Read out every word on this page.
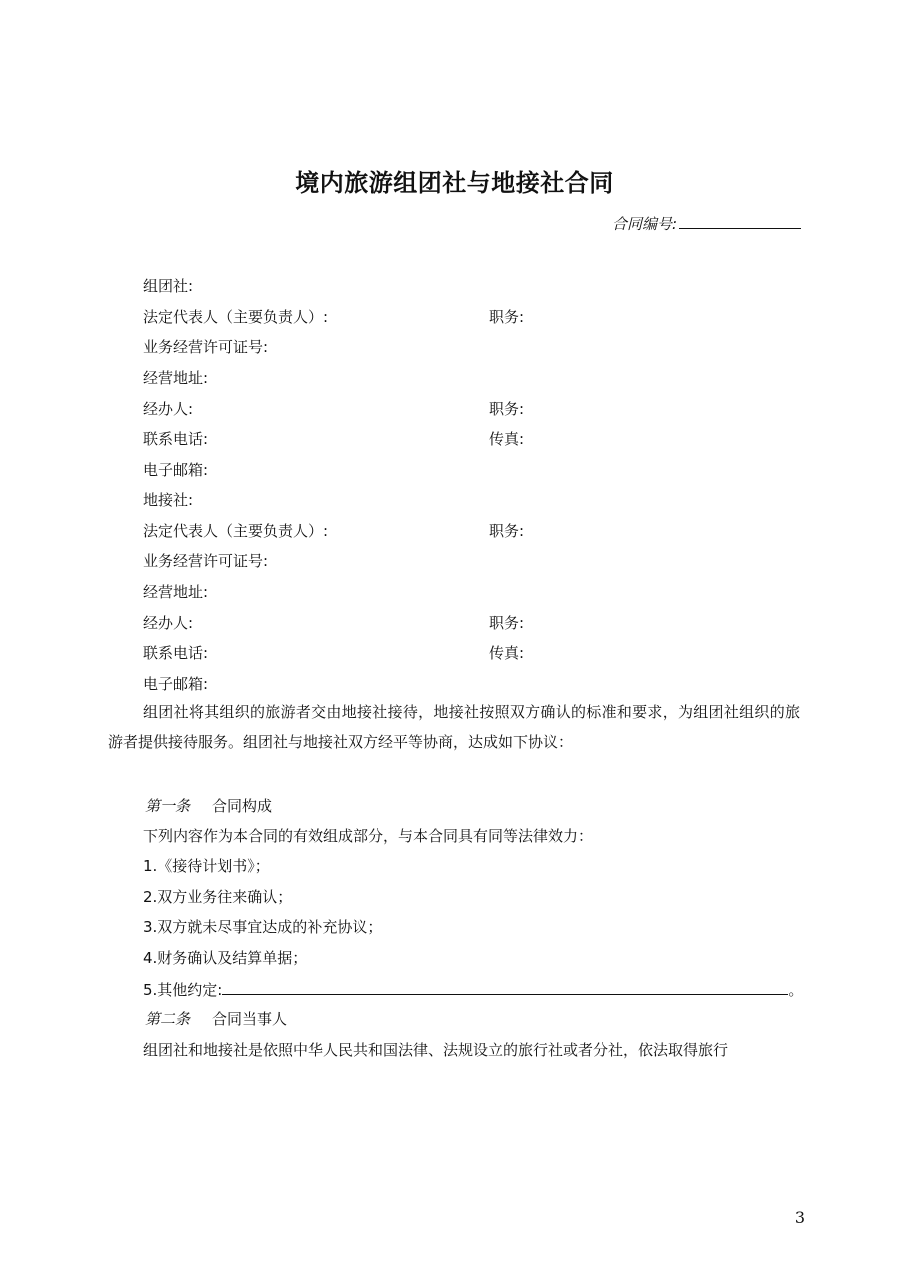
境内旅游组团社与地接社合同
合同编号:
组团社:
法定代表人（主要负责人）:	职务:
业务经营许可证号:
经营地址:
经办人:	职务:
联系电话:	传真:
电子邮箱:
地接社:
法定代表人（主要负责人）:	职务:
业务经营许可证号:
经营地址:
经办人:	职务:
联系电话:	传真:
电子邮箱:
组团社将其组织的旅游者交由地接社接待，地接社按照双方确认的标准和要求，为组团社组织的旅游者提供接待服务。组团社与地接社双方经平等协商，达成如下协议：
第一条 合同构成
下列内容作为本合同的有效组成部分，与本合同具有同等法律效力：
1.《接待计划书》；
2.双方业务往来确认；
3.双方就未尽事宜达成的补充协议；
4.财务确认及结算单据；
5.其他约定:	。
第二条 合同当事人
组团社和地接社是依照中华人民共和国法律、法规设立的旅行社或者分社，依法取得旅行
3
